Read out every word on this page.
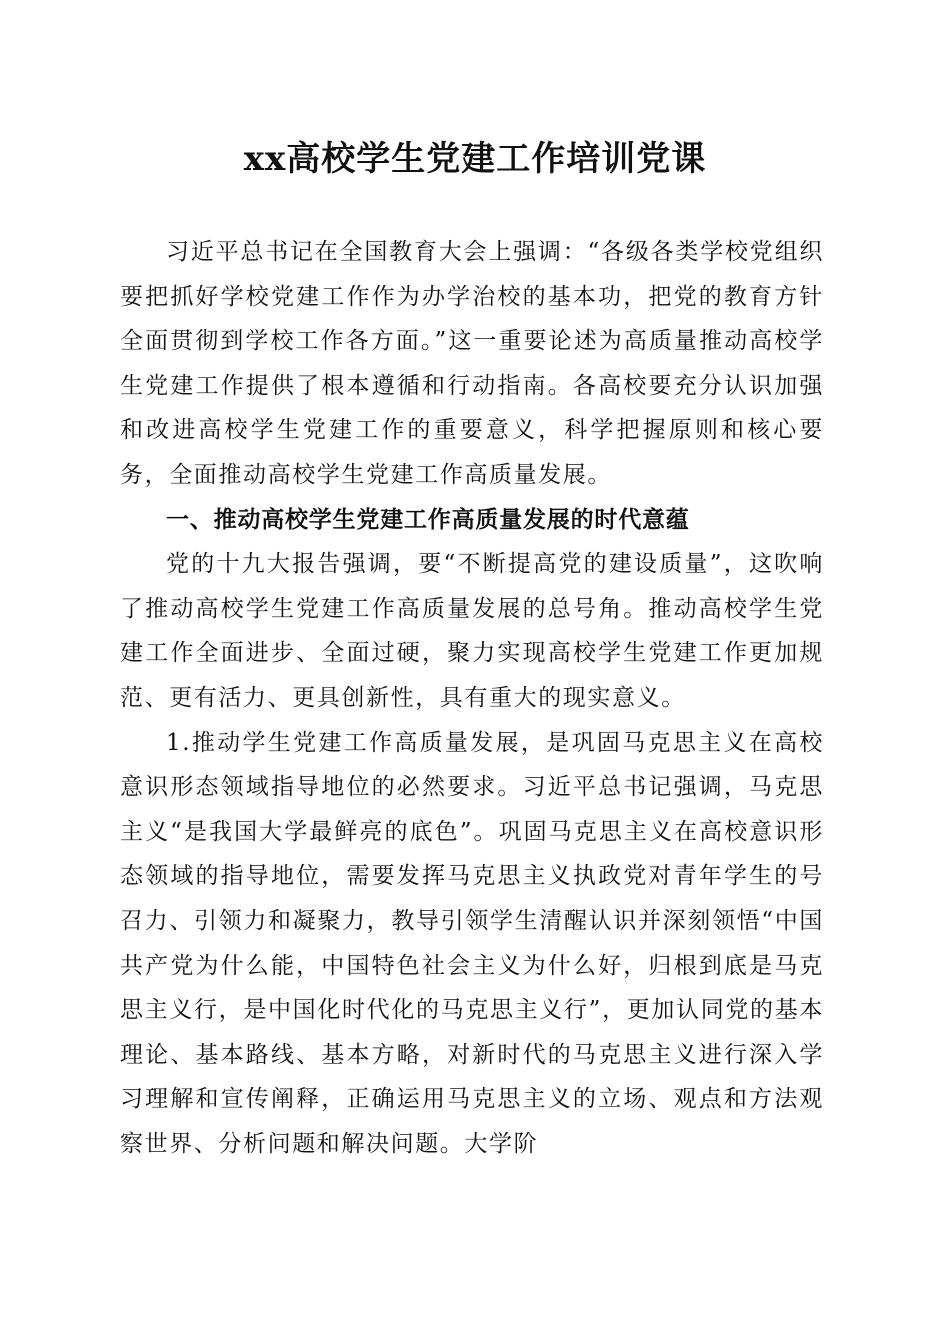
xx高校学生党建工作培训党课

习近平总书记在全国教育大会上强调：“各级各类学校党组织要把抓好学校党建工作作为办学治校的基本功，把党的教育方针全面贯彻到学校工作各方面。”这一重要论述为高质量推动高校学生党建工作提供了根本遵循和行动指南。各高校要充分认识加强和改进高校学生党建工作的重要意义，科学把握原则和核心要务，全面推动高校学生党建工作高质量发展。

一、推动高校学生党建工作高质量发展的时代意蕴

党的十九大报告强调，要“不断提高党的建设质量”，这吹响了推动高校学生党建工作高质量发展的总号角。推动高校学生党建工作全面进步、全面过硬，聚力实现高校学生党建工作更加规范、更有活力、更具创新性，具有重大的现实意义。

1.推动学生党建工作高质量发展，是巩固马克思主义在高校意识形态领域指导地位的必然要求。习近平总书记强调，马克思主义“是我国大学最鲜亮的底色”。巩固马克思主义在高校意识形态领域的指导地位，需要发挥马克思主义执政党对青年学生的号召力、引领力和凝聚力，教导引领学生清醒认识并深刻领悟“中国共产党为什么能，中国特色社会主义为什么好，归根到底是马克思主义行，是中国化时代化的马克思主义行”，更加认同党的基本理论、基本路线、基本方略，对新时代的马克思主义进行深入学习理解和宣传阐释，正确运用马克思主义的立场、观点和方法观察世界、分析问题和解决问题。大学阶
